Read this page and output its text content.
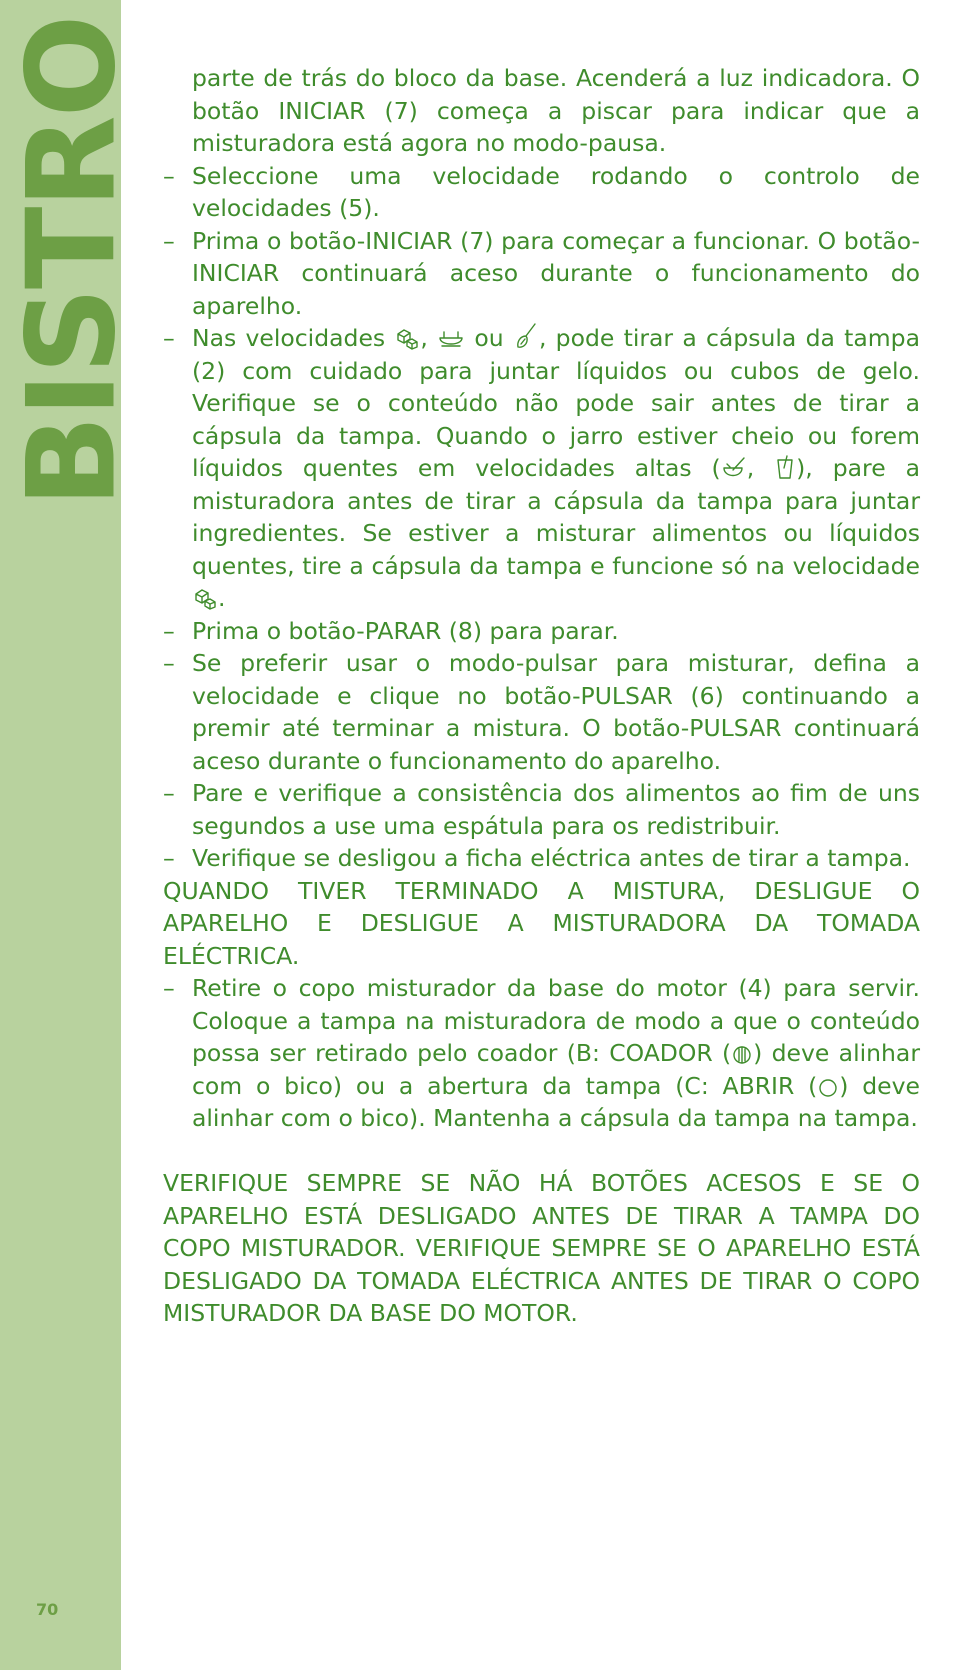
BISTRO
70

parte de trás do bloco da base. Acenderá a luz indicadora. O botão INICIAR (7) começa a piscar para indicar que a misturadora está agora no modo-pausa.

– Seleccione uma velocidade rodando o controlo de velocidades (5).

– Prima o botão-INICIAR (7) para começar a funcionar. O botão-INICIAR continuará aceso durante o funcionamento do aparelho.

– Nas velocidades
,
ou
, pode tirar a cápsula da tampa (2) com cuidado para juntar líquidos ou cubos de gelo. Verifique se o conteúdo não pode sair antes de tirar a cápsula da tampa. Quando o jarro estiver cheio ou forem líquidos quentes em velocidades altas ( ,
), pare a misturadora antes de tirar a cápsula da tampa para juntar ingredientes. Se estiver a misturar alimentos ou líquidos quentes, tire a cápsula da tampa e funcione só na velocidade
.

– Prima o botão-PARAR (8) para parar.

– Se preferir usar o modo-pulsar para misturar, defina a velocidade e clique no botão-PULSAR (6) continuando a premir até terminar a mistura. O botão-PULSAR continuará aceso durante o funcionamento do aparelho.

– Pare e verifique a consistência dos alimentos ao fim de uns segundos a use uma espátula para os redistribuir.

– Verifique se desligou a ficha eléctrica antes de tirar a tampa.

QUANDO TIVER TERMINADO A MISTURA, DESLIGUE O APARELHO E DESLIGUE A MISTURADORA DA TOMADA ELÉCTRICA.

– Retire o copo misturador da base do motor (4) para servir. Coloque a tampa na misturadora de modo a que o conteúdo possa ser retirado pelo coador (B: COADOR ( ) deve alinhar com o bico) ou a abertura da tampa (C: ABRIR ( ) deve alinhar com o bico). Mantenha a cápsula da tampa na tampa.

VERIFIQUE SEMPRE SE NÃO HÁ BOTÕES ACESOS E SE O APARELHO ESTÁ DESLIGADO ANTES DE TIRAR A TAMPA DO COPO MISTURADOR. VERIFIQUE SEMPRE SE O APARELHO ESTÁ DESLIGADO DA TOMADA ELÉCTRICA ANTES DE TIRAR O COPO MISTURADOR DA BASE DO MOTOR.
